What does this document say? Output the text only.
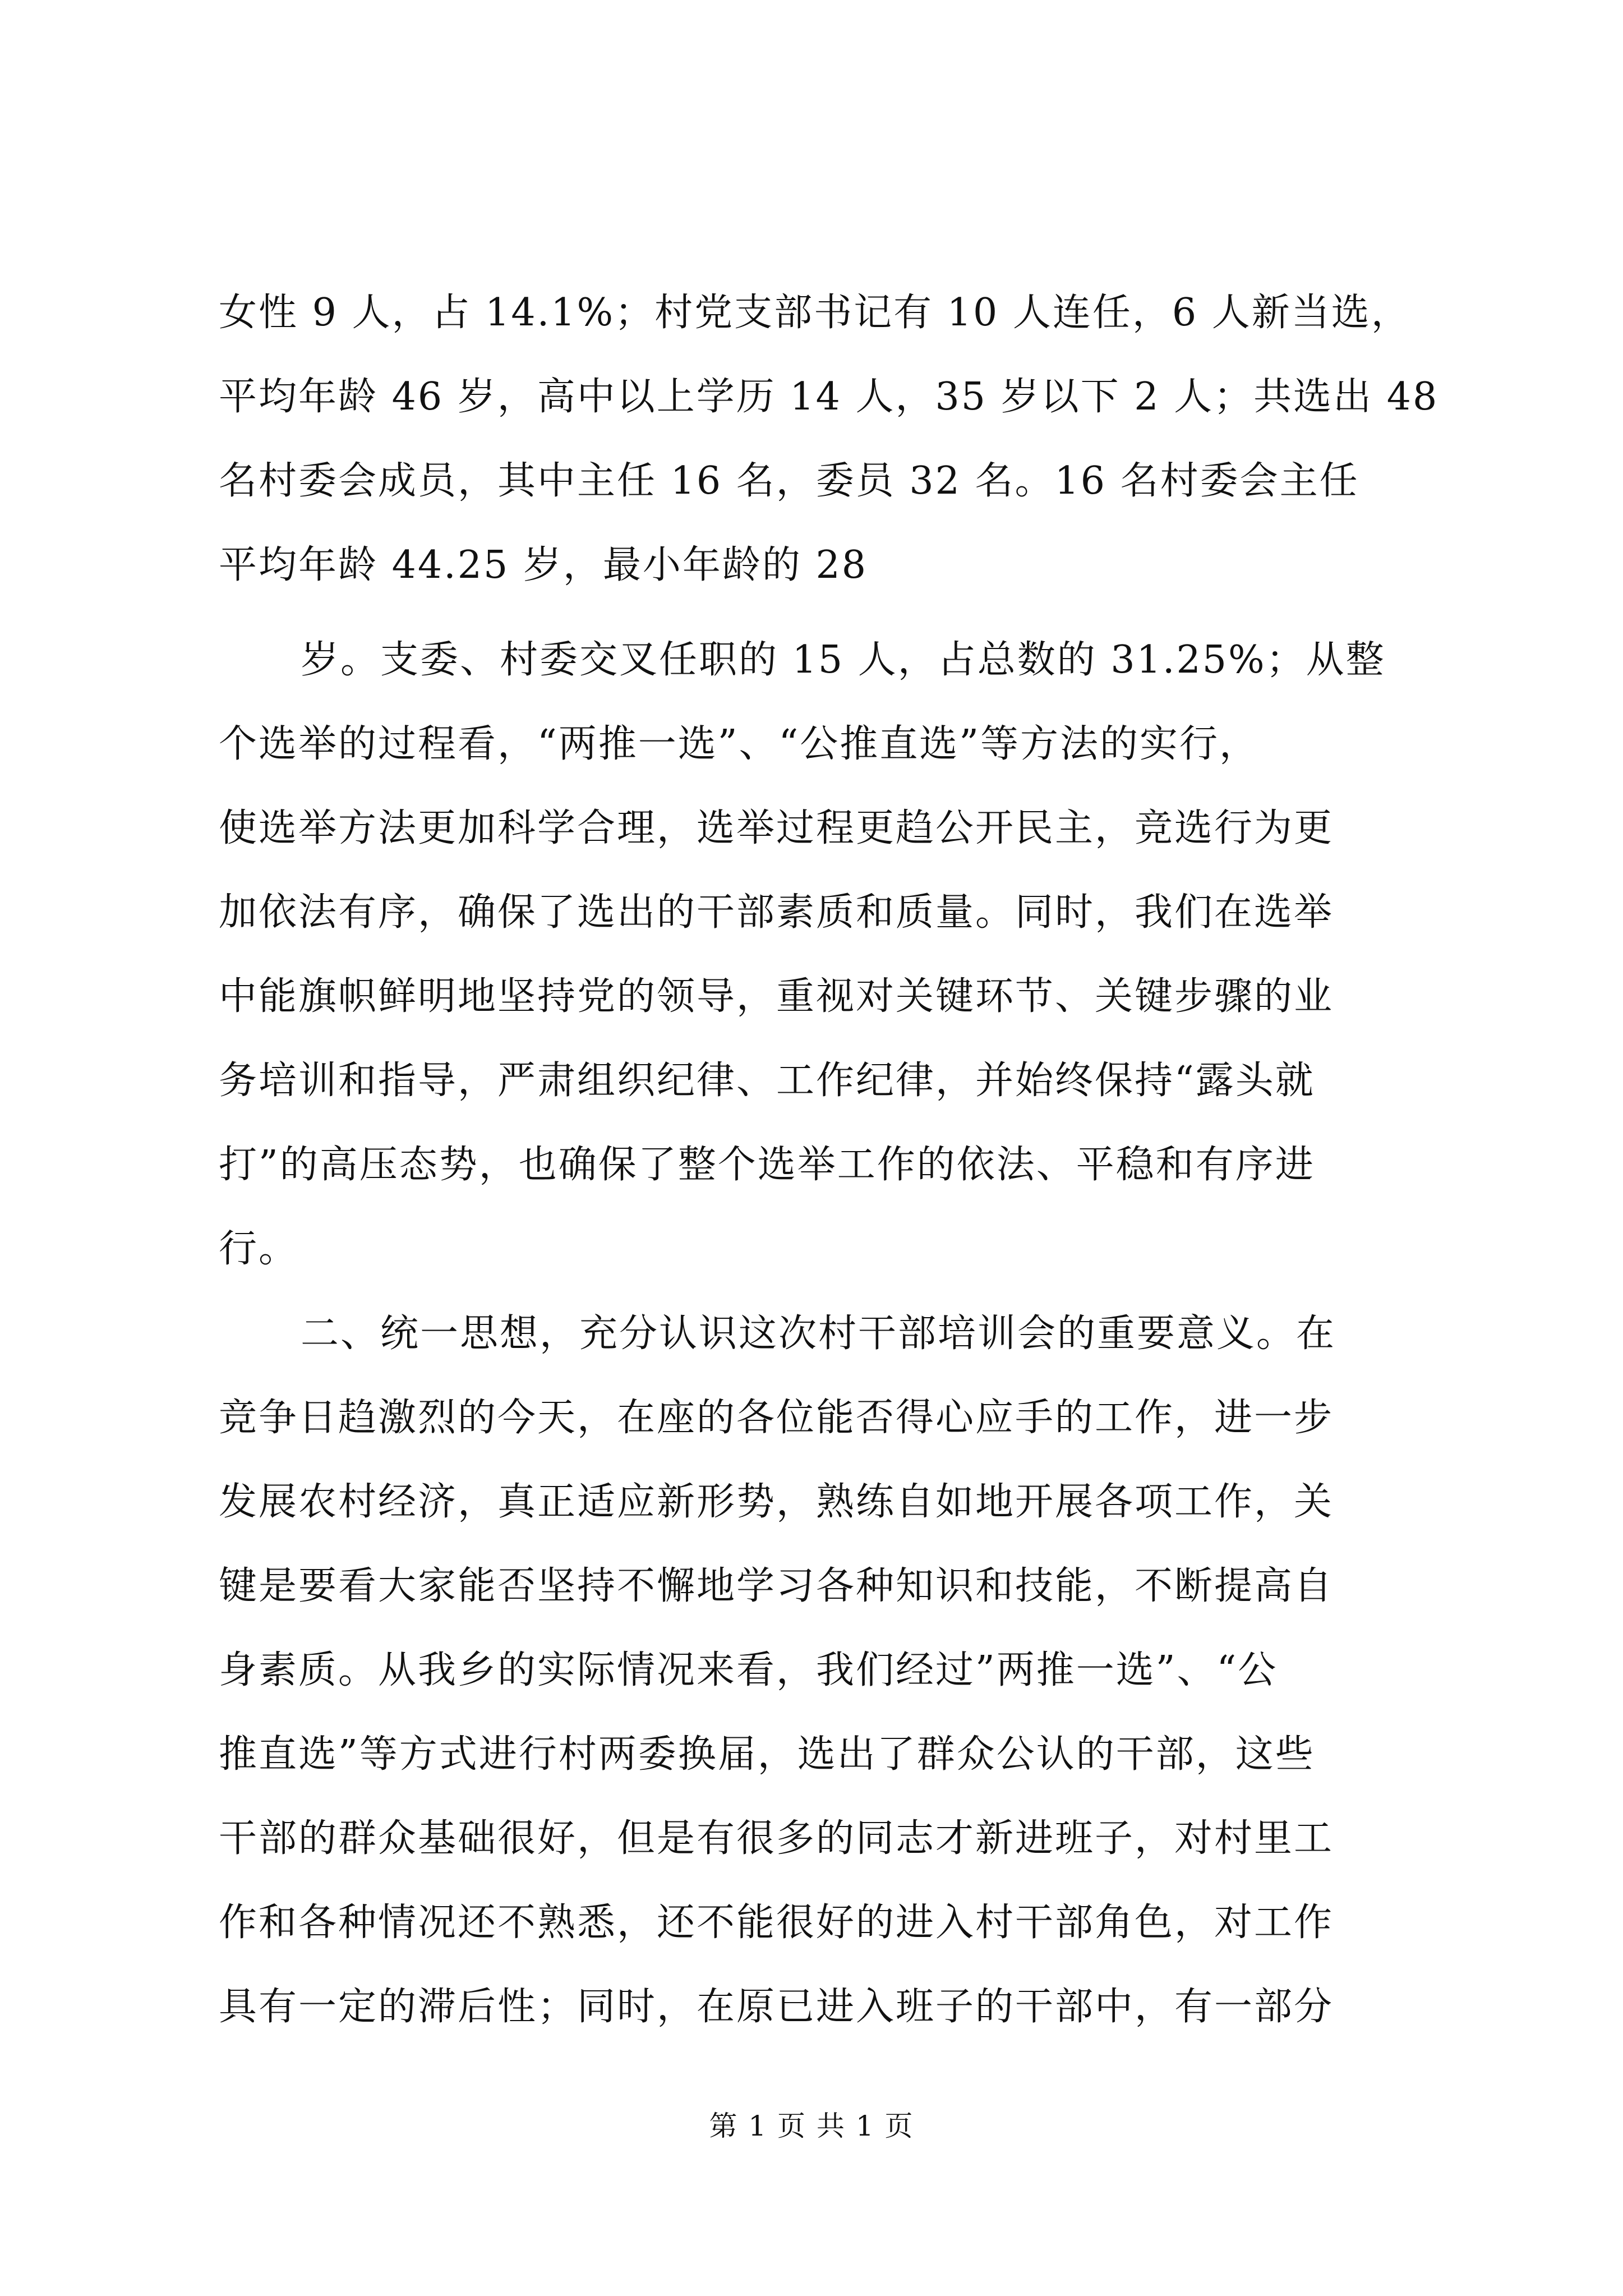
女性 9 人，占 14.1%；村党支部书记有 10 人连任，6 人新当选，
平均年龄 46 岁，高中以上学历 14 人，35 岁以下 2 人；共选出 48
名村委会成员，其中主任 16 名，委员 32 名。16 名村委会主任
平均年龄 44.25 岁，最小年龄的 28
岁。支委、村委交叉任职的 15 人，占总数的 31.25%；从整
个选举的过程看，“两推一选”、“公推直选”等方法的实行，
使选举方法更加科学合理，选举过程更趋公开民主，竞选行为更
加依法有序，确保了选出的干部素质和质量。同时，我们在选举
中能旗帜鲜明地坚持党的领导，重视对关键环节、关键步骤的业
务培训和指导，严肃组织纪律、工作纪律，并始终保持“露头就
打”的高压态势，也确保了整个选举工作的依法、平稳和有序进
行。
二、统一思想，充分认识这次村干部培训会的重要意义。在
竞争日趋激烈的今天，在座的各位能否得心应手的工作，进一步
发展农村经济，真正适应新形势，熟练自如地开展各项工作，关
键是要看大家能否坚持不懈地学习各种知识和技能，不断提高自
身素质。从我乡的实际情况来看，我们经过”两推一选”、“公
推直选”等方式进行村两委换届，选出了群众公认的干部，这些
干部的群众基础很好，但是有很多的同志才新进班子，对村里工
作和各种情况还不熟悉，还不能很好的进入村干部角色，对工作
具有一定的滞后性；同时，在原已进入班子的干部中，有一部分
第 1 页 共 1 页
